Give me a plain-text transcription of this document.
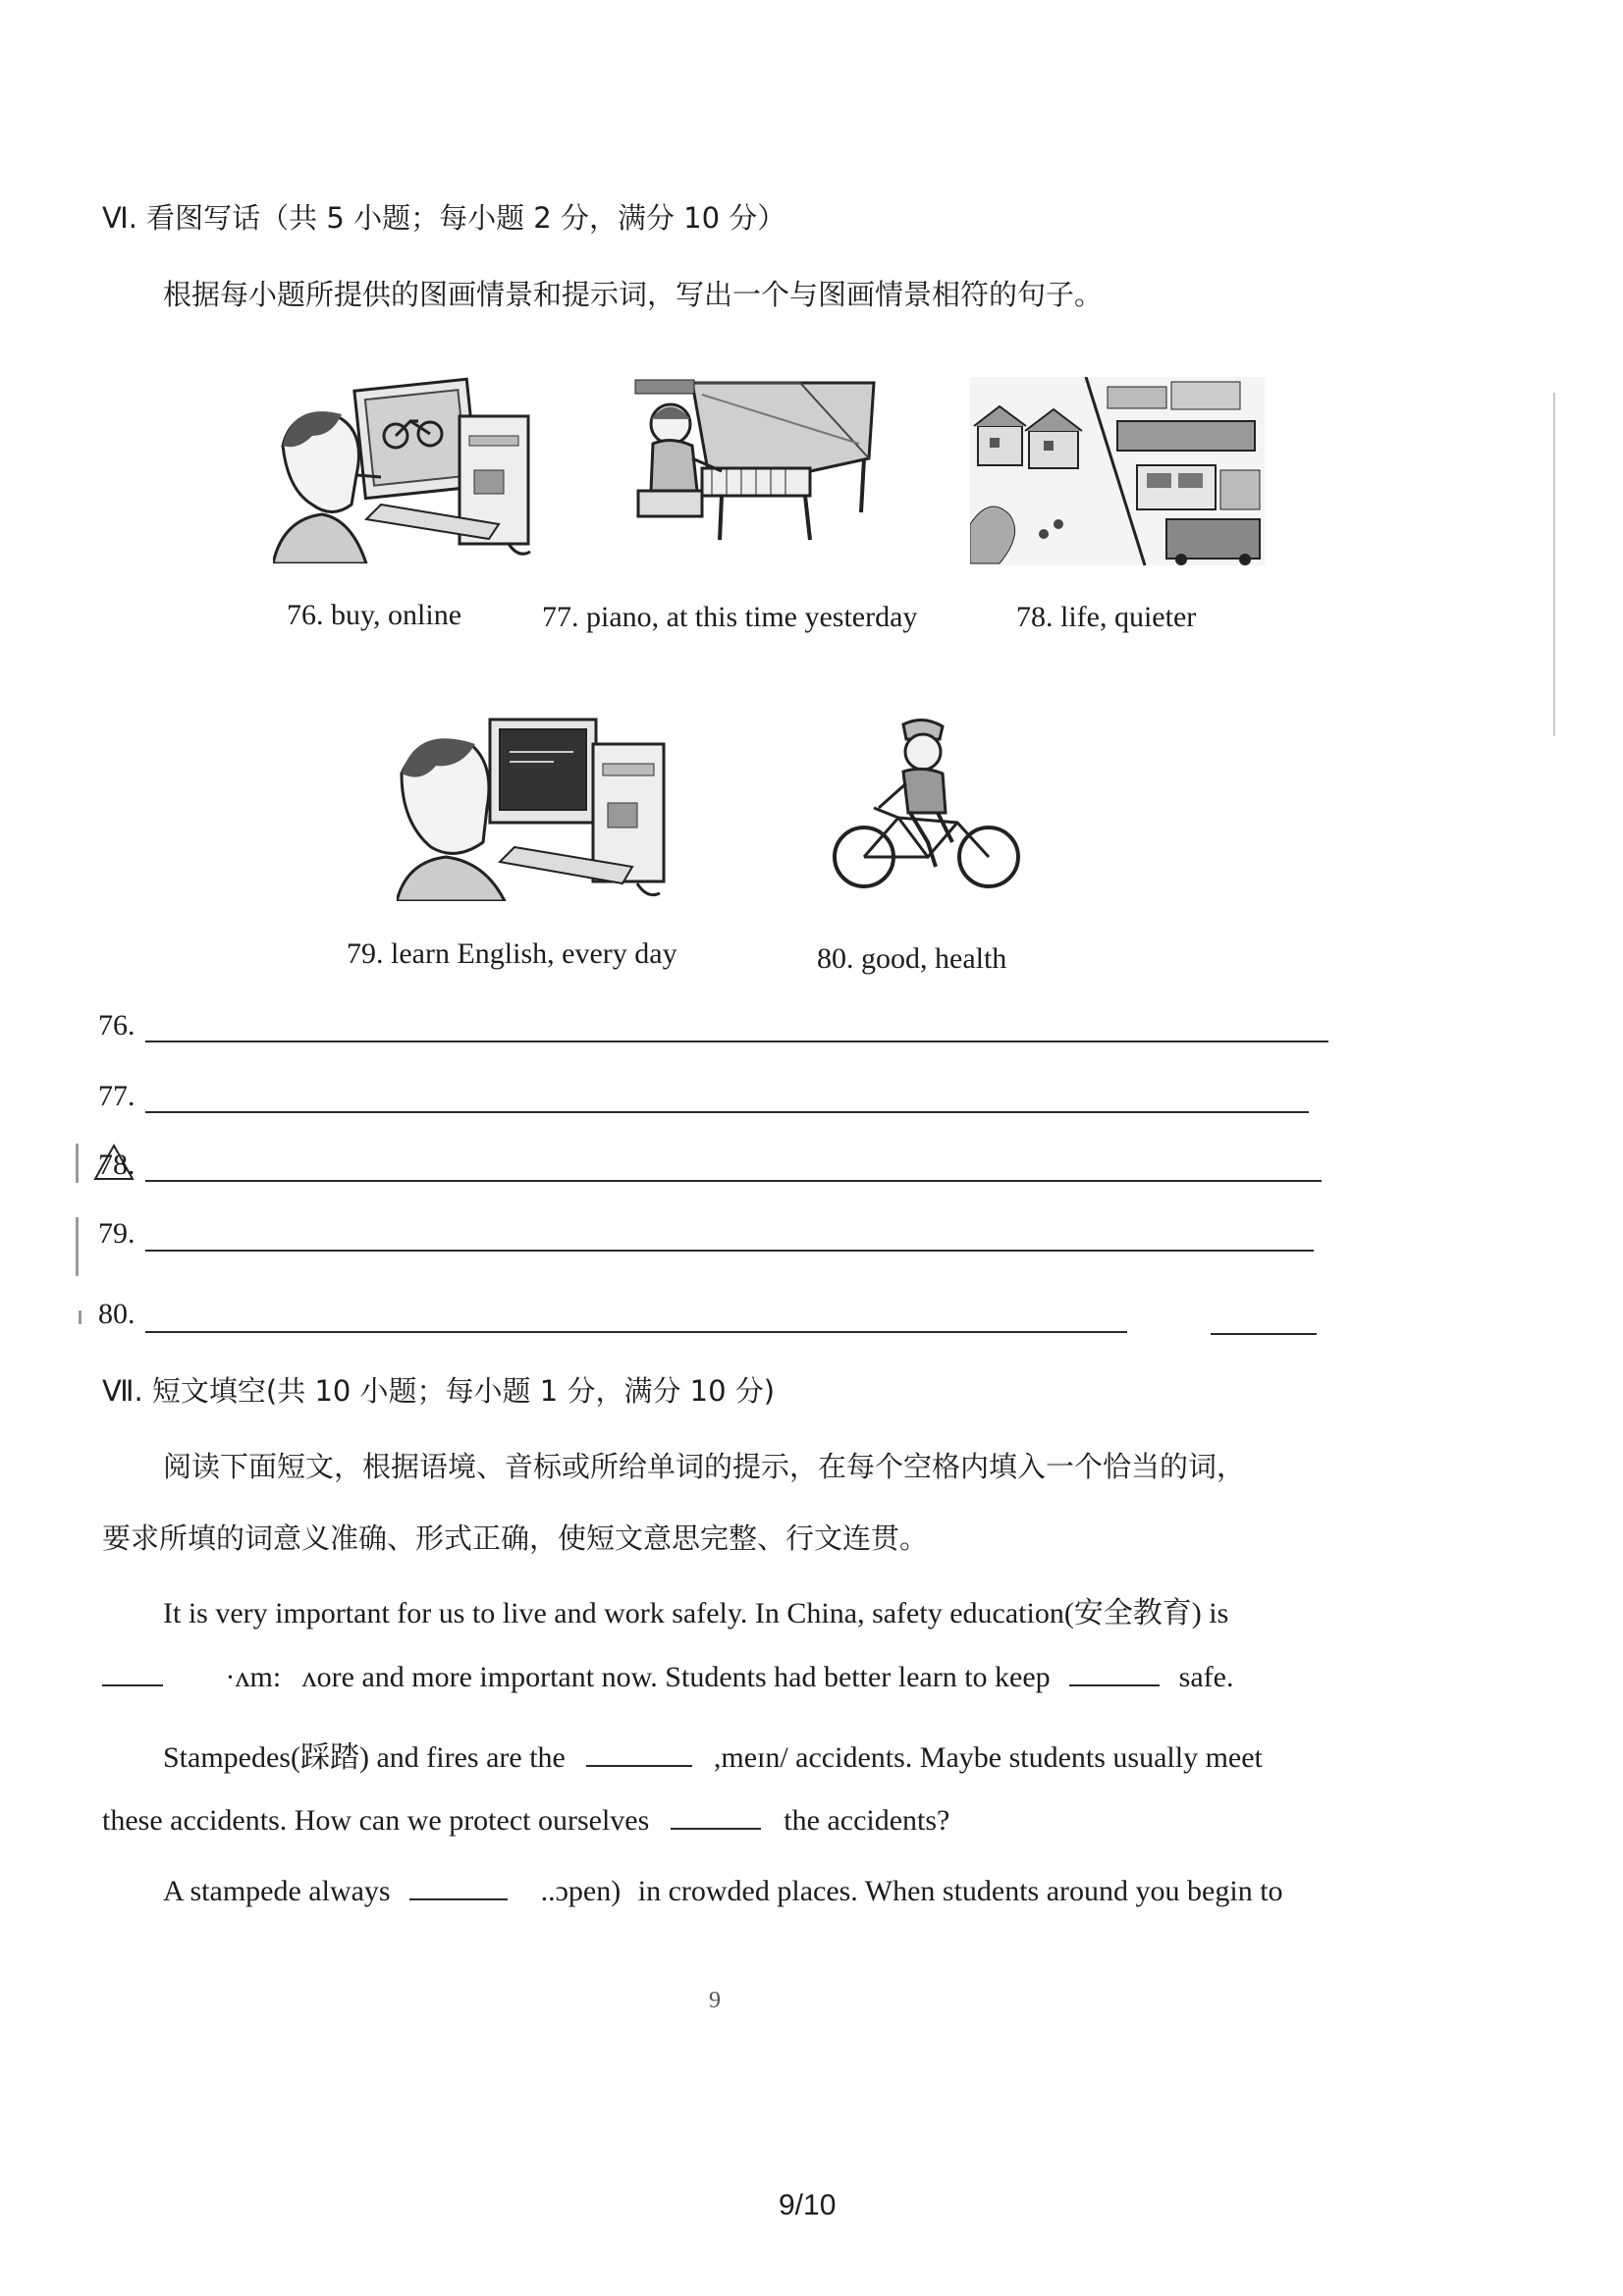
Ⅵ. 看图写话（共 5 小题；每小题 2 分，满分 10 分）
根据每小题所提供的图画情景和提示词，写出一个与图画情景相符的句子。
76. buy, online	77. piano, at this time yesterday	78. life, quieter
79. learn English, every day	80. good, health
76.
77.
78.
79.
80.
Ⅶ. 短文填空(共 10 小题；每小题 1 分，满分 10 分)
阅读下面短文，根据语境、音标或所给单词的提示，在每个空格内填入一个恰当的词，
要求所填的词意义准确、形式正确，使短文意思完整、行文连贯。
It is very important for us to live and work safely. In China, safety education(安全教育) is
·ʌm: ʌore and more important now. Students had better learn to keep	safe.
Stampedes(踩踏) and fires are the	,meɪn/ accidents. Maybe students usually meet
these accidents. How can we protect ourselves	the accidents?
A stampede always	..ɔpen) in crowded places. When students around you begin to
9
9/10
